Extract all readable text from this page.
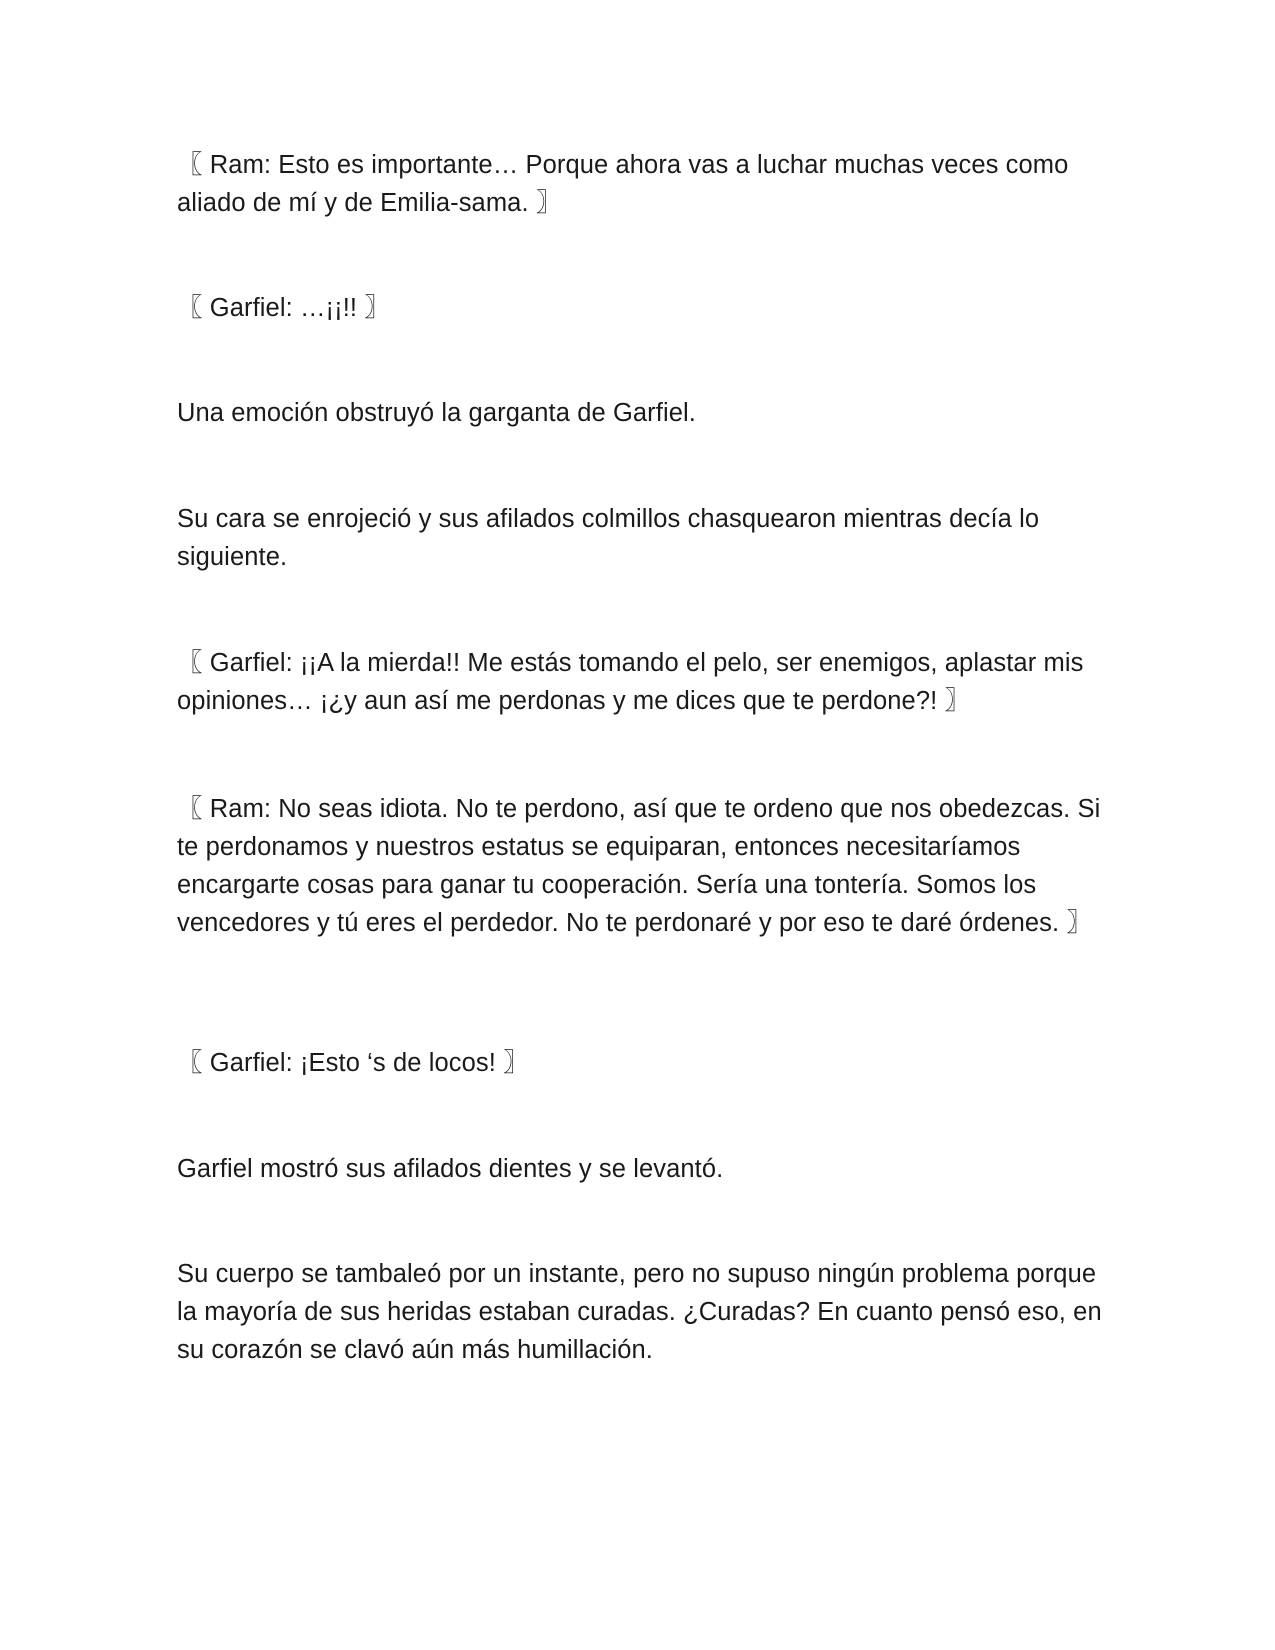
〖 Ram: Esto es importante… Porque ahora vas a luchar muchas veces como aliado de mí y de Emilia-sama. 〗

〖 Garfiel: …¡¡!! 〗

Una emoción obstruyó la garganta de Garfiel.

Su cara se enrojeció y sus afilados colmillos chasquearon mientras decía lo siguiente.

〖 Garfiel: ¡¡A la mierda!! Me estás tomando el pelo, ser enemigos, aplastar mis opiniones… ¡¿y aun así me perdonas y me dices que te perdone?! 〗

〖 Ram: No seas idiota. No te perdono, así que te ordeno que nos obedezcas. Si te perdonamos y nuestros estatus se equiparan, entonces necesitaríamos encargarte cosas para ganar tu cooperación. Sería una tontería. Somos los vencedores y tú eres el perdedor. No te perdonaré y por eso te daré órdenes. 〗

〖 Garfiel: ¡Esto ‘s de locos! 〗

Garfiel mostró sus afilados dientes y se levantó.

Su cuerpo se tambaleó por un instante, pero no supuso ningún problema porque la mayoría de sus heridas estaban curadas. ¿Curadas? En cuanto pensó eso, en su corazón se clavó aún más humillación.
